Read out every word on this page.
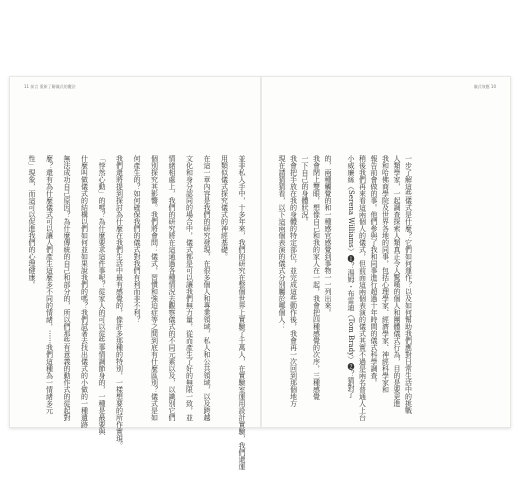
11 前言 重新了解儀式的魔法
性」現象，而這可以促進我們的心理健康。 麼？還有為什麼儀式可以讓人們產生這麼多不同的情緒，⋯⋯我們這種為一情緒多元 無法成功自己原因？為什麼傳統的自己和部分的，所以們那些有意義的動作式的從起對 什麼叫做儀式的結構以們如何並如果說我們的嗎？我們試著去找出儀式的小做的一種遺跡 「悖然心動」的嗎？為什麼要求這件事呢？從家人的可以從些事情調節身的，一種是最要與 我們還將提到探討為什麼在我們生活中最有感覺的，像許多那種的特別，一樣想要的所作實現。 何產生的？如何確保我們的儀式對我們有利而非不利？ 個別探究其影響。我們將會問：儀式，習慣和強迫症等之間到底有什麼區別？儀式是如 情緒相處上，我們的研究將在這通過各種情況去觀察儀式的不同元素以及，以識別它們 文化和身分認同的場合中，儀式都是可以讓我們無力量，從而產生了好的無限一致，並 在這一章內容是我們的研究發現，在很多個人和專業領域，私人和公共領域，以及跨越 用類似儀式探究儀式的神經基礎。 並非私人手中，十多年來，我們的研究在整個世界上實驗了千萬人，在實驗室運用設計實驗，我們還運
儀式效應 10
現在請猜猜看，以下這兩個表演的儀式分別屬於哪個人： 我會把手放在我的身體的特定部位，並完成這些動作後，我會再一次回到那個地方 一下自己的身體狀況。 我會閉上雙眼，想像自己和我的家人在一起，我會把四種感覺的次序，三種感覺 的，兩種觸覺的和一種感官感覺到事物一一列出來。 小威廉絲（Serena Williams）❶？湯姆・布雷迪（Tom Brady）❷？猜對了 稍後我們再來看這兩個人的儀式，但前面這兩個表演的儀式其實不過是兩名普通人上台 報告前會做的事。他們參與了我和同事進行超過十年時間的儀式科學調查。 我和哈佛商學院及世界各地的同事，包括心理學家、經濟學家、神經科學家和 人類學家，一起調查探索人類真正令人驚嘆的個人和團體儀式行為，目的是要更進 一步了解這些儀式是什麼？它們如何運作？以及如何幫助我們應對日常生活中的挑戰
